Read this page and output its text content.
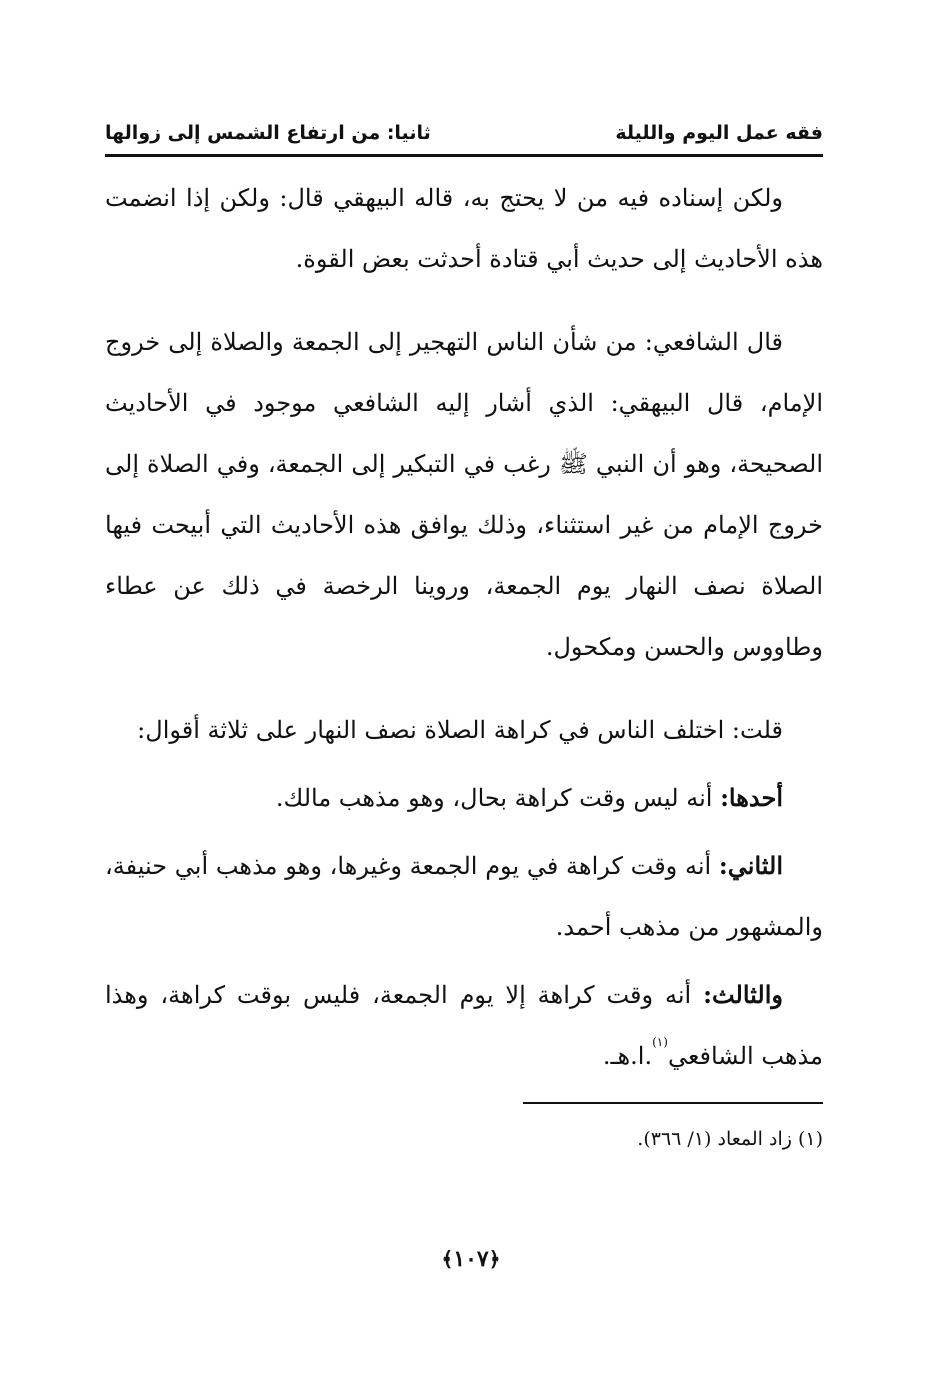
فقه عمل اليوم والليلة
ثانيا: من ارتفاع الشمس إلى زوالها

ولكن إسناده فيه من لا يحتج به، قاله البيهقي قال: ولكن إذا انضمت هذه الأحاديث إلى حديث أبي قتادة أحدثت بعض القوة.

قال الشافعي: من شأن الناس التهجير إلى الجمعة والصلاة إلى خروج الإمام، قال البيهقي: الذي أشار إليه الشافعي موجود في الأحاديث الصحيحة، وهو أن النبي ﷺ رغب في التبكير إلى الجمعة، وفي الصلاة إلى خروج الإمام من غير استثناء، وذلك يوافق هذه الأحاديث التي أبيحت فيها الصلاة نصف النهار يوم الجمعة، وروينا الرخصة في ذلك عن عطاء وطاووس والحسن ومكحول.

قلت: اختلف الناس في كراهة الصلاة نصف النهار على ثلاثة أقوال:

أحدها: أنه ليس وقت كراهة بحال، وهو مذهب مالك.

الثاني: أنه وقت كراهة في يوم الجمعة وغيرها، وهو مذهب أبي حنيفة، والمشهور من مذهب أحمد.

والثالث: أنه وقت كراهة إلا يوم الجمعة، فليس بوقت كراهة، وهذا مذهب الشافعي$^{(١)}$.ا.هـ.

(١) زاد المعاد (١/ ٣٦٦).
﴿١٠٧﴾
